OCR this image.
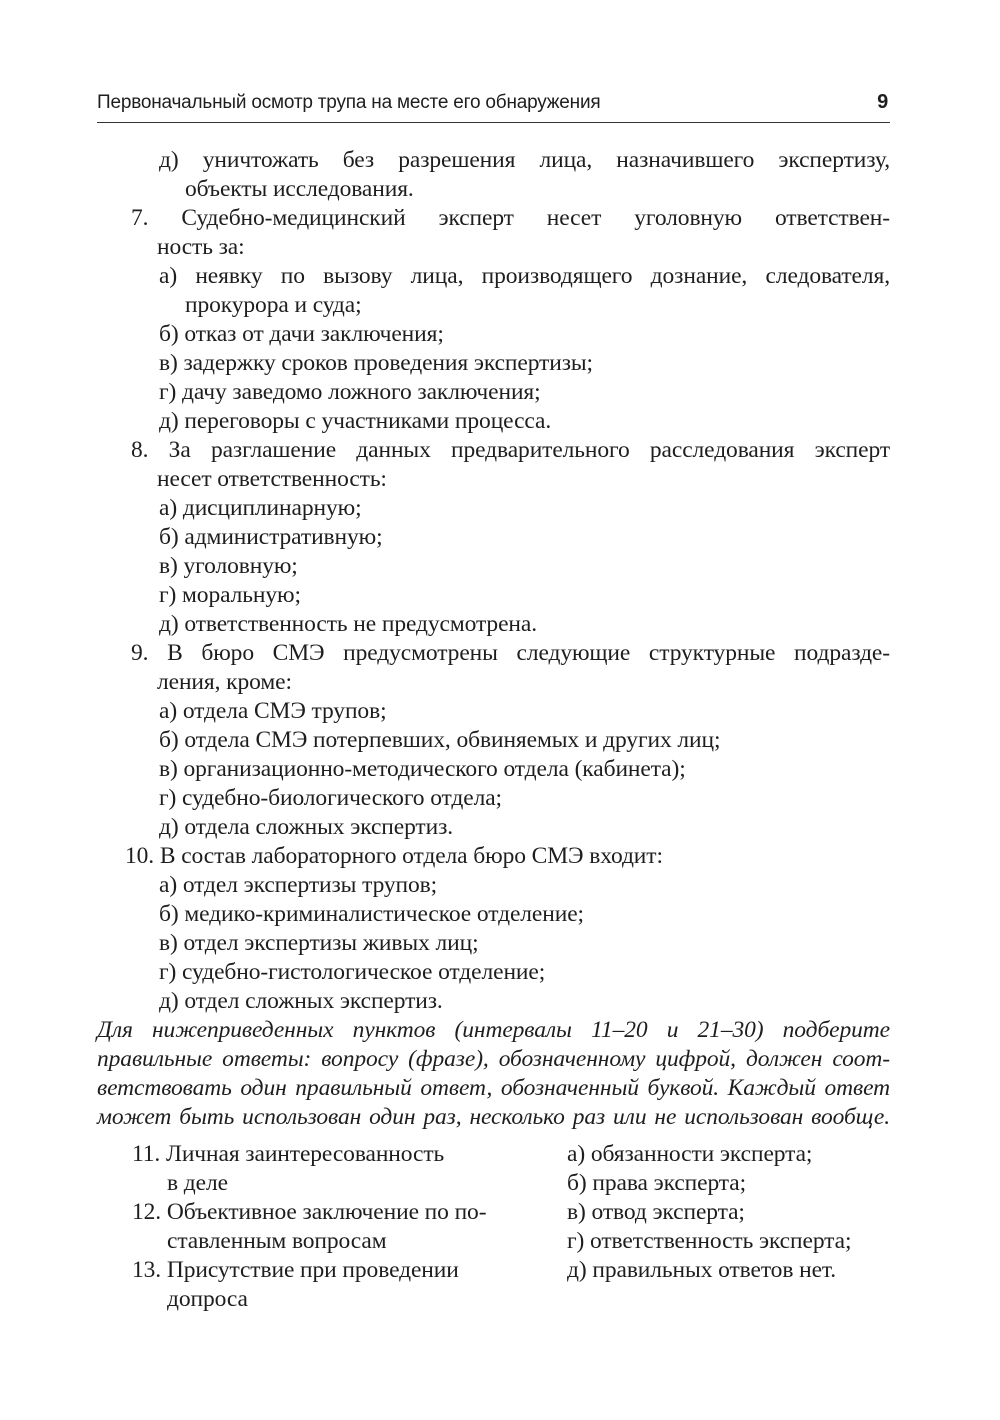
Первоначальный осмотр трупа на месте его обнаружения	9
д) уничтожать без разрешения лица, назначившего экспертизу,
объекты исследования.
7. Судебно-медицинский эксперт несет уголовную ответствен-
ность за:
а) неявку по вызову лица, производящего дознание, следователя,
прокурора и суда;
б) отказ от дачи заключения;
в) задержку сроков проведения экспертизы;
г) дачу заведомо ложного заключения;
д) переговоры с участниками процесса.
8. За разглашение данных предварительного расследования эксперт
несет ответственность:
а) дисциплинарную;
б) административную;
в) уголовную;
г) моральную;
д) ответственность не предусмотрена.
9. В бюро СМЭ предусмотрены следующие структурные подразде-
ления, кроме:
а) отдела СМЭ трупов;
б) отдела СМЭ потерпевших, обвиняемых и других лиц;
в) организационно-методического отдела (кабинета);
г) судебно-биологического отдела;
д) отдела сложных экспертиз.
10. В состав лабораторного отдела бюро СМЭ входит:
а) отдел экспертизы трупов;
б) медико-криминалистическое отделение;
в) отдел экспертизы живых лиц;
г) судебно-гистологическое отделение;
д) отдел сложных экспертиз.
Для нижеприведенных пунктов (интервалы 11–20 и 21–30) подберите
правильные ответы: вопросу (фразе), обозначенному цифрой, должен соот-
ветствовать один правильный ответ, обозначенный буквой. Каждый ответ
может быть использован один раз, несколько раз или не использован вообще.
11. Личная заинтересованность
в деле
12. Объективное заключение по по-
ставленным вопросам
13. Присутствие при проведении
допроса
а) обязанности эксперта;
б) права эксперта;
в) отвод эксперта;
г) ответственность эксперта;
д) правильных ответов нет.
